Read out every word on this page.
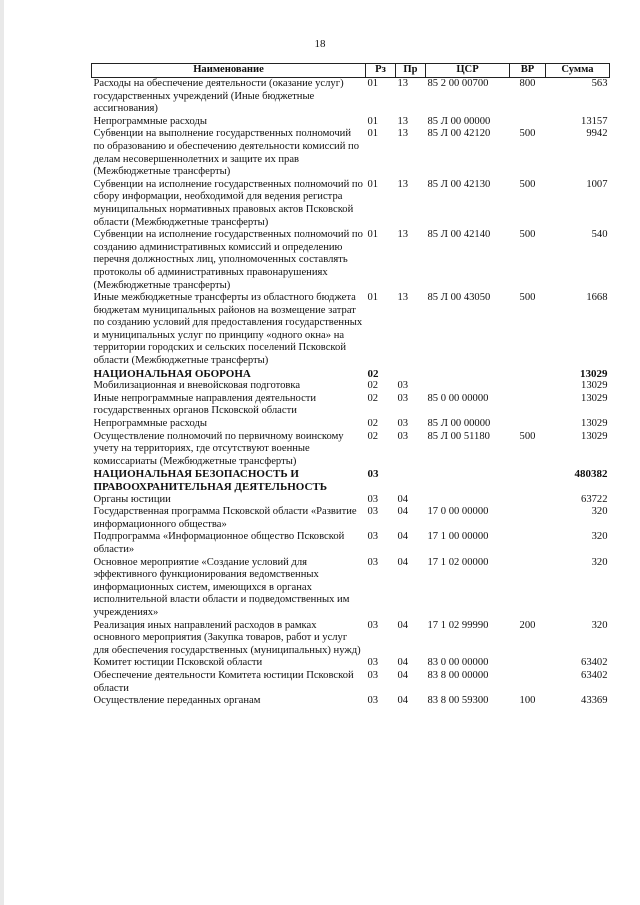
18
Наименование	Рз	Пр	ЦСР	ВР	Сумма
Расходы на обеспечение деятельности (оказание услуг) государственных учреждений (Иные бюджетные ассигнования)	01	13	85 2 00 00700	800	563
Непрограммные расходы	01	13	85 Л 00 00000		13157
Субвенции на выполнение государственных полномочий по образованию и обеспечению деятельности комиссий по делам несовершеннолетних и защите их прав (Межбюджетные трансферты)	01	13	85 Л 00 42120	500	9942
Субвенции на исполнение государственных полномочий по сбору информации, необходимой для ведения регистра муниципальных нормативных правовых актов Псковской области (Межбюджетные трансферты)	01	13	85 Л 00 42130	500	1007
Субвенции на исполнение государственных полномочий по созданию административных комиссий и определению перечня должностных лиц, уполномоченных составлять протоколы об административных правонарушениях (Межбюджетные трансферты)	01	13	85 Л 00 42140	500	540
Иные межбюджетные трансферты из областного бюджета бюджетам муниципальных районов на возмещение затрат по созданию условий для предоставления государственных и муниципальных услуг по принципу «одного окна» на территории городских и сельских поселений Псковской области (Межбюджетные трансферты)	01	13	85 Л 00 43050	500	1668
НАЦИОНАЛЬНАЯ ОБОРОНА	02				13029
Мобилизационная и вневойсковая подготовка	02	03			13029
Иные непрограммные направления деятельности государственных органов Псковской области	02	03	85 0 00 00000		13029
Непрограммные расходы	02	03	85 Л 00 00000		13029
Осуществление полномочий по первичному воинскому учету на территориях, где отсутствуют военные комиссариаты (Межбюджетные трансферты)	02	03	85 Л 00 51180	500	13029
НАЦИОНАЛЬНАЯ БЕЗОПАСНОСТЬ И ПРАВООХРАНИТЕЛЬНАЯ ДЕЯТЕЛЬНОСТЬ	03				480382
Органы юстиции	03	04			63722
Государственная программа Псковской области «Развитие информационного общества»	03	04	17 0 00 00000		320
Подпрограмма «Информационное общество Псковской области»	03	04	17 1 00 00000		320
Основное мероприятие «Создание условий для эффективного функционирования ведомственных информационных систем, имеющихся в органах исполнительной власти области и подведомственных им учреждениях»	03	04	17 1 02 00000		320
Реализация иных направлений расходов в рамках основного мероприятия (Закупка товаров, работ и услуг для обеспечения государственных (муниципальных) нужд)	03	04	17 1 02 99990	200	320
Комитет юстиции Псковской области	03	04	83 0 00 00000		63402
Обеспечение деятельности Комитета юстиции Псковской области	03	04	83 8 00 00000		63402
Осуществление переданных органам	03	04	83 8 00 59300	100	43369
